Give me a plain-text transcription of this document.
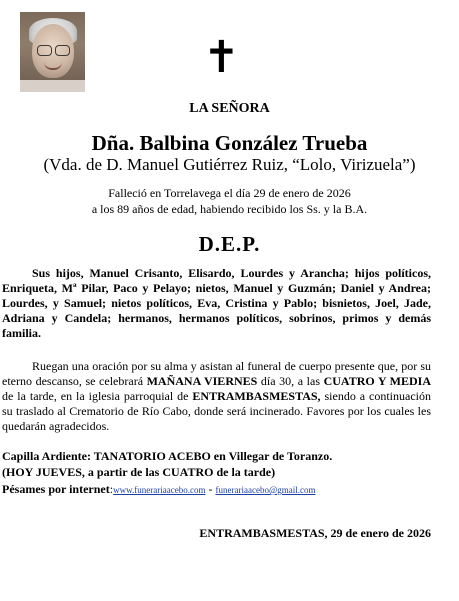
✝
LA SEÑORA
Dña. Balbina González Trueba
(Vda. de D. Manuel Gutiérrez Ruiz, “Lolo, Virizuela”)
Falleció en Torrelavega el día 29 de enero de 2026
a los 89 años de edad, habiendo recibido los Ss. y la B.A.
D.E.P.

Sus hijos, Manuel Crisanto, Elisardo, Lourdes y Arancha; hijos políticos, Enriqueta, Mª Pilar, Paco y Pelayo; nietos, Manuel y Guzmán; Daniel y Andrea; Lourdes, y Samuel; nietos políticos, Eva, Cristina y Pablo; bisnietos, Joel, Jade, Adriana y Candela; hermanos, hermanos políticos, sobrinos, primos y demás familia.

Ruegan una oración por su alma y asistan al funeral de cuerpo presente que, por su eterno descanso, se celebrará MAÑANA VIERNES día 30, a las CUATRO Y MEDIA de la tarde, en la iglesia parroquial de ENTRAMBASMESTAS, siendo a continuación su traslado al Crematorio de Río Cabo, donde será incinerado. Favores por los cuales les quedarán agradecidos.

Capilla Ardiente: TANATORIO ACEBO en Villegar de Toranzo.
(HOY JUEVES, a partir de las CUATRO de la tarde)
Pésames por internet:www.funerariaacebo.com - funerariaacebo@gmail.com
ENTRAMBASMESTAS, 29 de enero de 2026
